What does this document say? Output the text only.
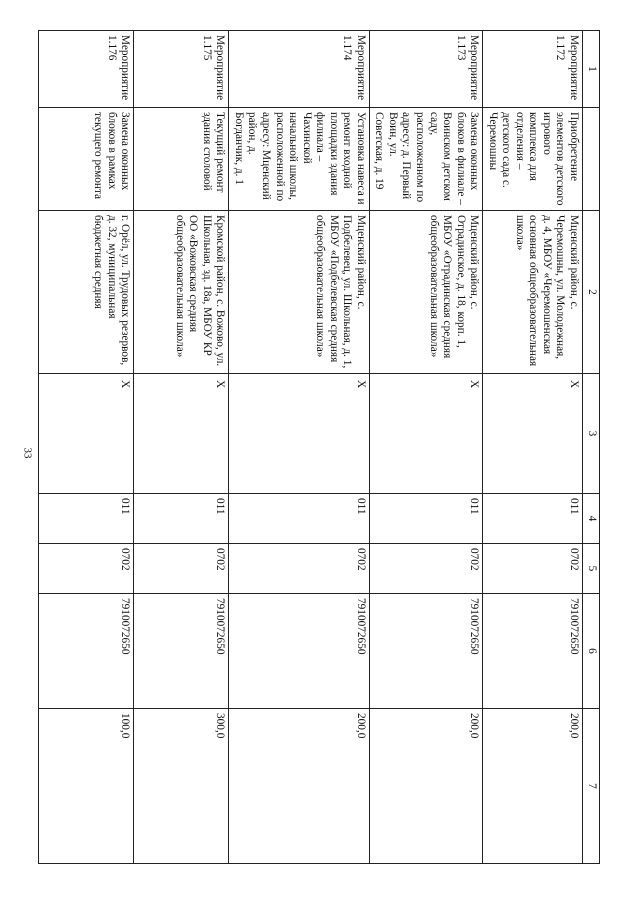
33
1		2	3	4	5	6	7
Мероприятие 1.172	Приобретение элементов детского игрового комплекса для отделения – детского сада с. Черемошны	Мценский район, с. Черемошны, ул. Молодежная, д. 4, МБОУ «Черемошенская основная общеобразовательная школа»	X	011	0702	7910072650	200,0
Мероприятие 1.173	Замена оконных блоков в филиале – Воинском детском саду, расположенном по адресу: д. Первый Воин, ул. Советская, д. 19	Мценский район, с. Отрадинское, д. 18, корп. 1, МБОУ «Отрадинская средняя общеобразовательная школа»	X	011	0702	7910072650	200,0
Мероприятие 1.174	Установка навеса и ремонт входной площадки здания филиала – Чахинской начальной школы, расположенной по адресу: Мценский район, д. Богданчик, д. 1	Мценский район, с. Подбелевец, ул. Школьная, д. 1, МБОУ «Подбелевская средняя общеобразовательная школа»	X	011	0702	7910072650	200,0
Мероприятие 1.175	Текущий ремонт здания столовой	Кромской район, с. Вожово, ул. Школьная, зд. 18а, МБОУ КР ОО «Вожовская средняя общеобразовательная школа»	X	011	0702	7910072650	300,0
Мероприятие 1.176	Замена оконных блоков в рамках текущего ремонта	г. Орёл, ул. Трудовых резервов, д. 32, муниципальная бюджетная средняя	X	011	0702	7910072650	100,0
